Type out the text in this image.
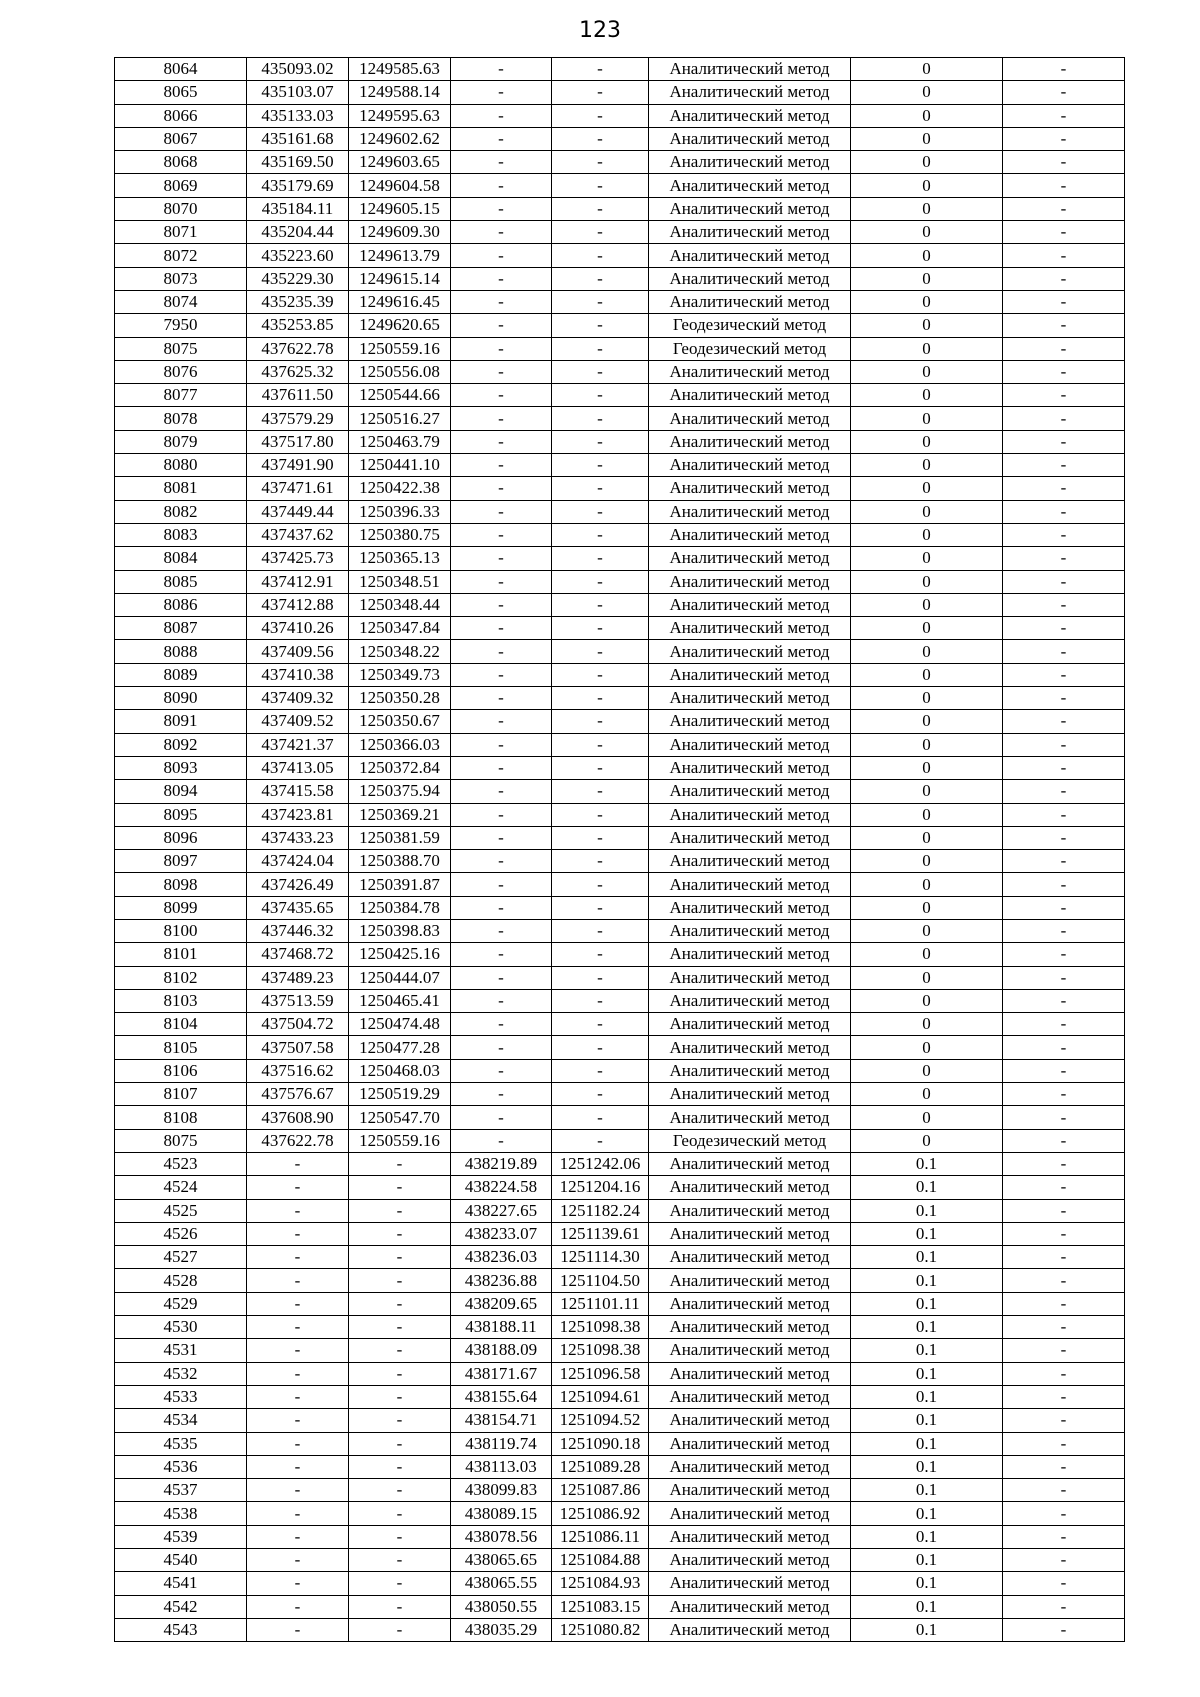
123
8064	435093.02	1249585.63	-	-	Аналитический метод	0	-
8065	435103.07	1249588.14	-	-	Аналитический метод	0	-
8066	435133.03	1249595.63	-	-	Аналитический метод	0	-
8067	435161.68	1249602.62	-	-	Аналитический метод	0	-
8068	435169.50	1249603.65	-	-	Аналитический метод	0	-
8069	435179.69	1249604.58	-	-	Аналитический метод	0	-
8070	435184.11	1249605.15	-	-	Аналитический метод	0	-
8071	435204.44	1249609.30	-	-	Аналитический метод	0	-
8072	435223.60	1249613.79	-	-	Аналитический метод	0	-
8073	435229.30	1249615.14	-	-	Аналитический метод	0	-
8074	435235.39	1249616.45	-	-	Аналитический метод	0	-
7950	435253.85	1249620.65	-	-	Геодезический метод	0	-
8075	437622.78	1250559.16	-	-	Геодезический метод	0	-
8076	437625.32	1250556.08	-	-	Аналитический метод	0	-
8077	437611.50	1250544.66	-	-	Аналитический метод	0	-
8078	437579.29	1250516.27	-	-	Аналитический метод	0	-
8079	437517.80	1250463.79	-	-	Аналитический метод	0	-
8080	437491.90	1250441.10	-	-	Аналитический метод	0	-
8081	437471.61	1250422.38	-	-	Аналитический метод	0	-
8082	437449.44	1250396.33	-	-	Аналитический метод	0	-
8083	437437.62	1250380.75	-	-	Аналитический метод	0	-
8084	437425.73	1250365.13	-	-	Аналитический метод	0	-
8085	437412.91	1250348.51	-	-	Аналитический метод	0	-
8086	437412.88	1250348.44	-	-	Аналитический метод	0	-
8087	437410.26	1250347.84	-	-	Аналитический метод	0	-
8088	437409.56	1250348.22	-	-	Аналитический метод	0	-
8089	437410.38	1250349.73	-	-	Аналитический метод	0	-
8090	437409.32	1250350.28	-	-	Аналитический метод	0	-
8091	437409.52	1250350.67	-	-	Аналитический метод	0	-
8092	437421.37	1250366.03	-	-	Аналитический метод	0	-
8093	437413.05	1250372.84	-	-	Аналитический метод	0	-
8094	437415.58	1250375.94	-	-	Аналитический метод	0	-
8095	437423.81	1250369.21	-	-	Аналитический метод	0	-
8096	437433.23	1250381.59	-	-	Аналитический метод	0	-
8097	437424.04	1250388.70	-	-	Аналитический метод	0	-
8098	437426.49	1250391.87	-	-	Аналитический метод	0	-
8099	437435.65	1250384.78	-	-	Аналитический метод	0	-
8100	437446.32	1250398.83	-	-	Аналитический метод	0	-
8101	437468.72	1250425.16	-	-	Аналитический метод	0	-
8102	437489.23	1250444.07	-	-	Аналитический метод	0	-
8103	437513.59	1250465.41	-	-	Аналитический метод	0	-
8104	437504.72	1250474.48	-	-	Аналитический метод	0	-
8105	437507.58	1250477.28	-	-	Аналитический метод	0	-
8106	437516.62	1250468.03	-	-	Аналитический метод	0	-
8107	437576.67	1250519.29	-	-	Аналитический метод	0	-
8108	437608.90	1250547.70	-	-	Аналитический метод	0	-
8075	437622.78	1250559.16	-	-	Геодезический метод	0	-
4523	-	-	438219.89	1251242.06	Аналитический метод	0.1	-
4524	-	-	438224.58	1251204.16	Аналитический метод	0.1	-
4525	-	-	438227.65	1251182.24	Аналитический метод	0.1	-
4526	-	-	438233.07	1251139.61	Аналитический метод	0.1	-
4527	-	-	438236.03	1251114.30	Аналитический метод	0.1	-
4528	-	-	438236.88	1251104.50	Аналитический метод	0.1	-
4529	-	-	438209.65	1251101.11	Аналитический метод	0.1	-
4530	-	-	438188.11	1251098.38	Аналитический метод	0.1	-
4531	-	-	438188.09	1251098.38	Аналитический метод	0.1	-
4532	-	-	438171.67	1251096.58	Аналитический метод	0.1	-
4533	-	-	438155.64	1251094.61	Аналитический метод	0.1	-
4534	-	-	438154.71	1251094.52	Аналитический метод	0.1	-
4535	-	-	438119.74	1251090.18	Аналитический метод	0.1	-
4536	-	-	438113.03	1251089.28	Аналитический метод	0.1	-
4537	-	-	438099.83	1251087.86	Аналитический метод	0.1	-
4538	-	-	438089.15	1251086.92	Аналитический метод	0.1	-
4539	-	-	438078.56	1251086.11	Аналитический метод	0.1	-
4540	-	-	438065.65	1251084.88	Аналитический метод	0.1	-
4541	-	-	438065.55	1251084.93	Аналитический метод	0.1	-
4542	-	-	438050.55	1251083.15	Аналитический метод	0.1	-
4543	-	-	438035.29	1251080.82	Аналитический метод	0.1	-
